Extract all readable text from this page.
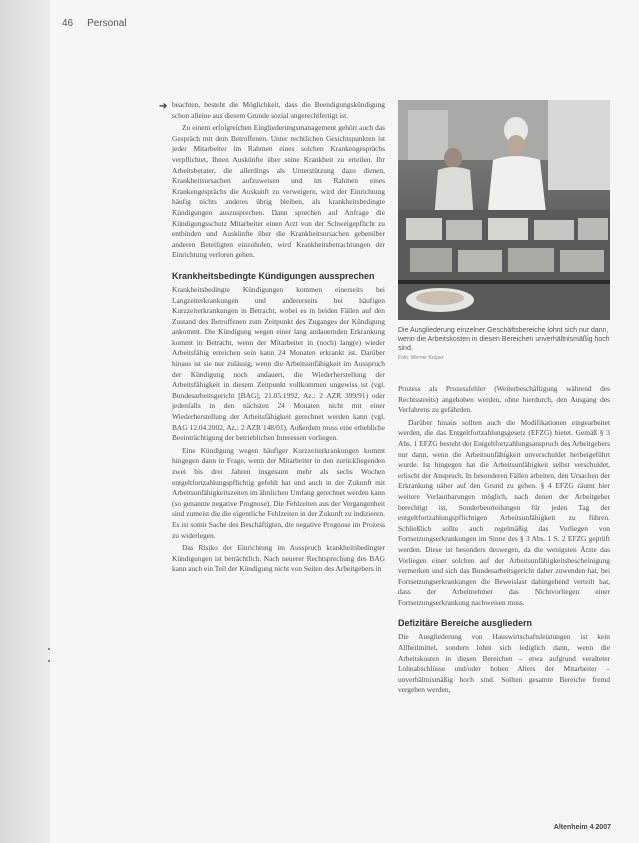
46 Personal
➔ beachten, besteht die Möglichkeit, dass die Beendigungskündigung schon alleine aus diesem Grunde sozial ungerechtfertigt ist.

Zu einem erfolgreichen Eingliederungsmanagement gehört auch das Gespräch mit dem Betroffenen. Unter rechtlichen Gesichtspunkten ist jeder Mitarbeiter im Rahmen eines solchen Krankengesprächs verpflichtet, Ihnen Auskünfte über seine Krankheit zu erteilen. Ihr Arbeitsberater, die allerdings als Unterstützung dazu dienen, Krankheitsursachen aufzuweisen und im Rahmen eines Krankengesprächs die Auskunft zu verweigern, wird der Einrichtung häufig nichts anderes übrig bleiben, als krankheitsbedingte Kündigungen auszusprechen. Dann sprechen auf Anfrage die Kündigungsschutz Mitarbeiter einen Arzt von der Schweigepflicht zu entbinden und Auskünfte über die Krankheitsursachen gebenüber anderen Beteiligten einzuholen, wird Krankheitsbetrachtungen der Einrichtung verloren gehen.

Krankheitsbedingte Kündigungen aussprechen

Krankheitsbedingte Kündigungen kommen einerseits bei Langzeiterkrankungen und andererseits bei häufigen Kurzzeiterkrankungen in Betracht, wobei es in beiden Fällen auf den Zustand des Betroffenen zum Zeitpunkt des Zuganges der Kündigung ankommt. Die Kündigung wegen einer lang andauernden Erkrankung kommt in Betracht, wenn der Mitarbeiter in (noch) lang(e) wieder Arbeitsfähig erreichen sein kann 24 Monaten erkrankt ist. Darüber hinaus ist sie nur zulässig, wenn die Arbeitsunfähigkeit im Ausspruch der Kündigung noch andauert, die Wiederherstellung der Arbeitsfähigkeit in diesem Zeitpunkt vollkommen ungewiss ist (vgl. Bundesarbeitsgericht [BAG], 21.05.1992, Az.: 2 AZR 399/91) oder jedenfalls in den nächsten 24 Monaten nicht mit einer Wiederherstellung der Arbeitsfähigkeit gerechnet werden kann (vgl. BAG 12.04.2002, Az.: 2 AZR 148/01). Außerdem muss eine erhebliche Beeinträchtigung der betrieblichen Interessen vorliegen.

Eine Kündigung wegen häufiger Kurzzeiterkrankungen kommt hingegen dann in Frage, wenn der Mitarbeiter in den zurückliegenden zwei bis drei Jahren insgesamt mehr als sechs Wochen entgeltfortzahlungspflichtig gefehlt hat und auch in der Zukunft mit Arbeitsunfähigkeitszeiten im ähnlichen Umfang gerechnet werden kann (so genannte negative Prognose). Die Fehlzeiten aus der Vergangenheit sind zumeist die die eigentliche Fehlzeiten in der Zukunft zu indizieren. Es ist somit Sache des Beschäftigten, die negative Prognose im Prozess zu widerlegen.

Das Risiko der Einrichtung im Ausspruch krankheitsbedingter Kündigungen ist beträchtlich. Nach neuerer Rechtsprechung des BAG kann auch ein Teil der Kündigung nicht von Seiten des Arbeitgebers in

Die Ausgliederung einzelner Geschäftsbereiche lohnt sich nur dann, wenn die Arbeitskosten in diesen Bereichen unverhältnismäßig hoch sind.
Foto: Werner Krüper

Prozess als Prozessfehler (Weiterbeschäftigung während des Rechtsstreits) angehoben werden, ohne hierdurch, den Ausgang des Verfahrens zu gefährden.

Darüber hinaus sollten auch die Modifikationen eingearbeitet werden, die das Entgeltfortzahlungsgesetz (EFZG) bietet. Gemäß § 3 Abs. 1 EFZG besteht der Entgeltfortzahlungsanspruch des Arbeitgebers nur dann, wenn die Arbeitsunfähigkeit unverschuldet herbeigeführt wurde. Ist hingegen hat die Arbeitsunfähigkeit selbst verschuldet, erlischt der Anspruch. In besonderen Fällen arbeiten, den Ursachen der Erkrankung näher auf den Grund zu gehen. § 4 EFZG räumt hier weitere Verlautbarungen möglich, nach denen der Arbeitgeber berechtigt ist, Sonderbeurteilungen für jeden Tag der entgeltfortzahlungspflichtigen Arbeitsunfähigkeit zu führen. Schließlich sollte auch regelmäßig das Vorliegen von Fortsetzungserkrankungen im Sinne des § 3 Abs. 1 S. 2 EFZG geprüft werden. Diese ist besonders deswegen, da die wenigsten Ärzte das Vorliegen einer solchen auf der Arbeitsunfähigkeitsbescheinigung vermerken und sich das Bundesarbeitsgericht daher zuwenden hat, bei Fortsetzungserkrankungen die Beweislast dahingehend verteilt hat, dass der Arbeitnehmer das Nichtvorliegen einer Fortsetzungserkrankung nachweisen muss.

Defizitäre Bereiche ausgliedern

Die Ausgliederung von Hauswirtschaftsleistungen ist kein Allheilmittel, sondern lohnt sich lediglich dann, wenn die Arbeitskosten in diesen Bereichen – etwa aufgrund veralteter Lohnabschlüsse und/oder hohen Alters der Mitarbeiter – unverhältnismäßig hoch sind. Sollten gesamte Bereiche fremd vergeben werden,

Altenheim 4 2007
